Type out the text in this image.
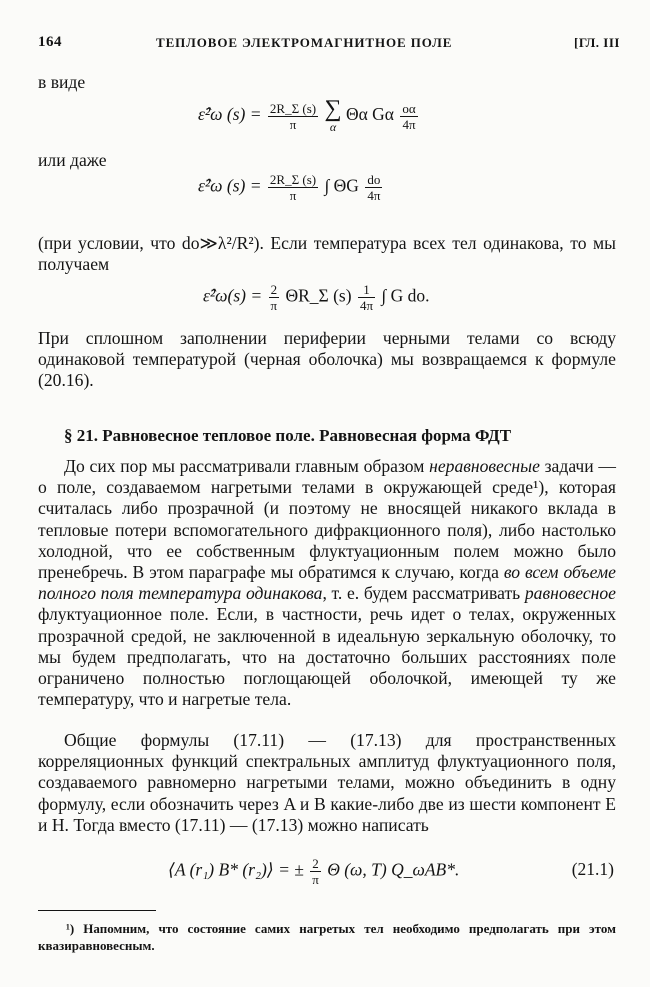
164	ТЕПЛОВОЕ ЭЛЕКТРОМАГНИТНОЕ ПОЛЕ	[ГЛ. III
в виде
ε̂²ω $(s) = \frac{2R\_\Sigma (s)}{\pi}$
∑
α
Θα Gα $\frac{o\alpha}{4\pi}$
или даже
ε̂²ω $(s) = \frac{2R\_\Sigma (s)}{\pi}$ ∫ ΘG $\frac{do}{4\pi}$
(при условии, что do≫λ²/R²). Если температура всех тел одинакова, то мы получаем
ε̂²ω(s) = $\frac{2}{\pi}$ ΘR_Σ $(s) \frac{1}{4\pi}$ ∫ G do.
При сплошном заполнении периферии черными телами со всюду одинаковой температурой (черная оболочка) мы возвращаемся к формуле (20.16).
§ 21. Равновесное тепловое поле. Равновесная форма ФДТ
До сих пор мы рассматривали главным образом неравновесные задачи — о поле, создаваемом нагретыми телами в окружающей среде¹), которая считалась либо прозрачной (и поэтому не вносящей никакого вклада в тепловые потери вспомогательного дифракционного поля), либо настолько холодной, что ее собственным флуктуационным полем можно было пренебречь. В этом параграфе мы обратимся к случаю, когда во всем объеме полного поля температура одинакова, т. е. будем рассматривать равновесное флуктуационное поле. Если, в частности, речь идет о телах, окруженных прозрачной средой, не заключенной в идеальную зеркальную оболочку, то мы будем предполагать, что на достаточно больших расстояниях поле ограничено полностью поглощающей оболочкой, имеющей ту же температуру, что и нагретые тела.
Общие формулы (17.11) — (17.13) для пространственных корреляционных функций спектральных амплитуд флуктуационного поля, создаваемого равномерно нагретыми телами, можно объединить в одну формулу, если обозначить через A и B какие-либо две из шести компонент E и H. Тогда вместо (17.11) — (17.13) можно написать
⟨A (r₁) B* (r₂)⟩ = ± $\frac{2}{\pi}$ Θ (ω, T) Q_ωAB*.	(21.1)
¹) Напомним, что состояние самих нагретых тел необходимо предполагать при этом квазиравновесным.
